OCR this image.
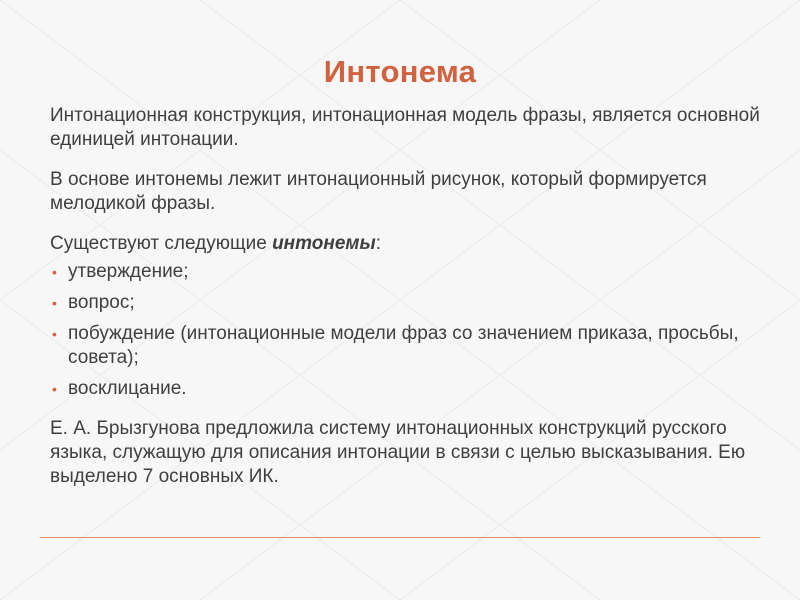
Интонема

Интонационная конструкция, интонационная модель фразы, является основной единицей интонации.

В основе интонемы лежит интонационный рисунок, который формируется мелодикой фразы.

Существуют следующие интонемы:

• утверждение;
• вопрос;
• побуждение (интонационные модели фраз со значением приказа, просьбы, совета);
• восклицание.

Е. А. Брызгунова предложила систему интонационных конструкций русского языка, служащую для описания интонации в связи с целью высказывания. Ею выделено 7 основных ИК.
